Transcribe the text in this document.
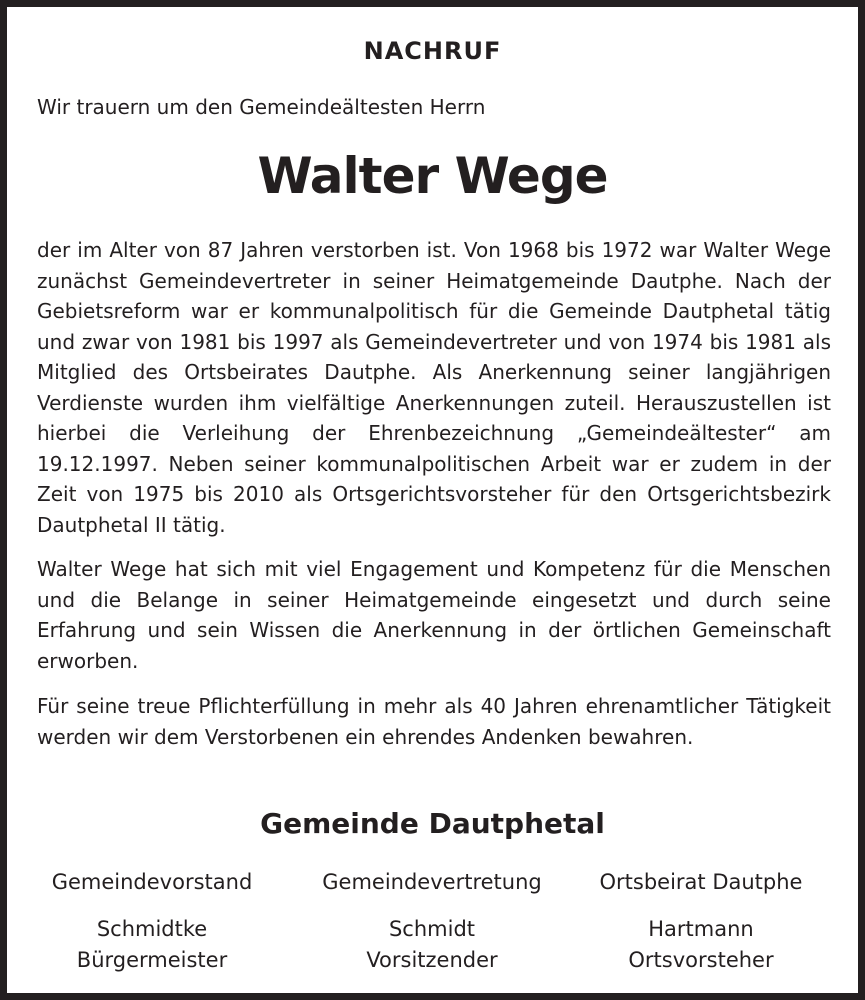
NACHRUF
Wir trauern um den Gemeindeältesten Herrn
Walter Wege

der im Alter von 87 Jahren verstorben ist. Von 1968 bis 1972 war Walter Wege zunächst Gemeindevertreter in seiner Heimatgemeinde Dautphe. Nach der Gebietsreform war er kommunalpolitisch für die Gemeinde Dautphetal tätig und zwar von 1981 bis 1997 als Gemeindevertreter und von 1974 bis 1981 als Mitglied des Ortsbeirates Dautphe. Als Anerkennung seiner langjährigen Verdienste wurden ihm vielfältige Anerkennungen zuteil. Herauszustellen ist hierbei die Verleihung der Ehrenbezeichnung „Gemeindeältester“ am 19.12.1997. Neben seiner kommunalpolitischen Arbeit war er zudem in der Zeit von 1975 bis 2010 als Ortsgerichtsvorsteher für den Ortsgerichtsbezirk Dautphetal II tätig.

Walter Wege hat sich mit viel Engagement und Kompetenz für die Menschen und die Belange in seiner Heimatgemeinde eingesetzt und durch seine Erfahrung und sein Wissen die Anerkennung in der örtlichen Gemeinschaft erworben.

Für seine treue Pflichterfüllung in mehr als 40 Jahren ehrenamtlicher Tätigkeit werden wir dem Verstorbenen ein ehrendes Andenken bewahren.

Gemeinde Dautphetal
Gemeindevorstand
Schmidtke
Bürgermeister
Gemeindevertretung
Schmidt
Vorsitzender
Ortsbeirat Dautphe
Hartmann
Ortsvorsteher
